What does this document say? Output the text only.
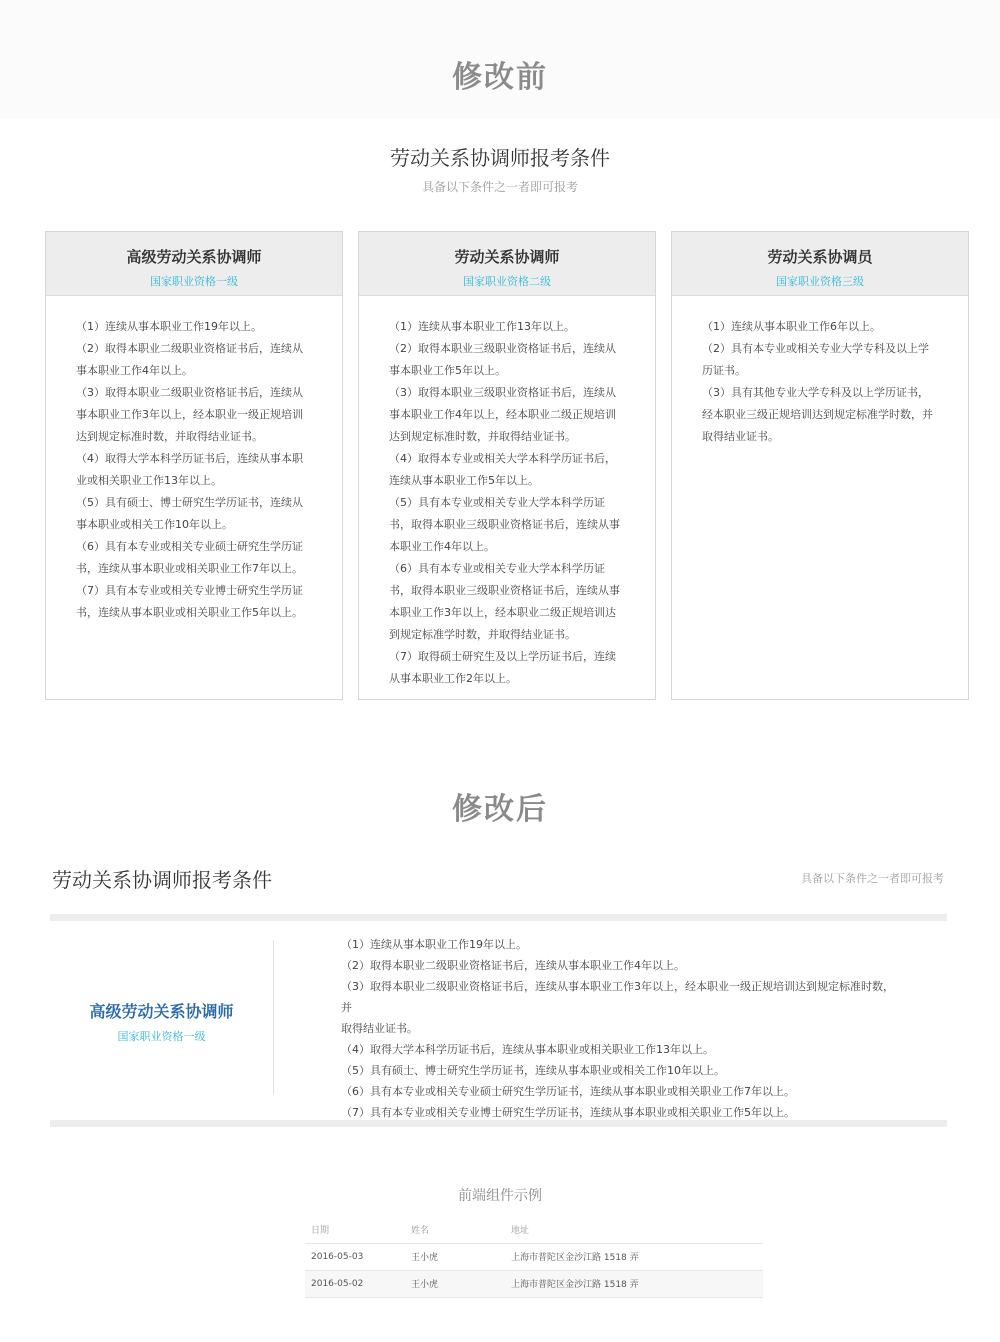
修改前
劳动关系协调师报考条件
具备以下条件之一者即可报考
高级劳动关系协调师
国家职业资格一级

（1）连续从事本职业工作19年以上。

（2）取得本职业二级职业资格证书后，连续从

事本职业工作4年以上。

（3）取得本职业二级职业资格证书后，连续从

事本职业工作3年以上，经本职业一级正规培训

达到规定标准时数，并取得结业证书。

（4）取得大学本科学历证书后，连续从事本职

业或相关职业工作13年以上。

（5）具有硕士、博士研究生学历证书，连续从

事本职业或相关工作10年以上。

（6）具有本专业或相关专业硕士研究生学历证

书，连续从事本职业或相关职业工作7年以上。

（7）具有本专业或相关专业博士研究生学历证

书，连续从事本职业或相关职业工作5年以上。

劳动关系协调师
国家职业资格二级

（1）连续从事本职业工作13年以上。

（2）取得本职业三级职业资格证书后，连续从

事本职业工作5年以上。

（3）取得本职业三级职业资格证书后，连续从

事本职业工作4年以上，经本职业二级正规培训

达到规定标准时数，并取得结业证书。

（4）取得本专业或相关大学本科学历证书后，

连续从事本职业工作5年以上。

（5）具有本专业或相关专业大学本科学历证

书，取得本职业三级职业资格证书后，连续从事

本职业工作4年以上。

（6）具有本专业或相关专业大学本科学历证

书，取得本职业三级职业资格证书后，连续从事

本职业工作3年以上，经本职业二级正规培训达

到规定标准学时数，并取得结业证书。

（7）取得硕士研究生及以上学历证书后，连续

从事本职业工作2年以上。

劳动关系协调员
国家职业资格三级

（1）连续从事本职业工作6年以上。

（2）具有本专业或相关专业大学专科及以上学

历证书。

（3）具有其他专业大学专科及以上学历证书，

经本职业三级正规培训达到规定标准学时数，并

取得结业证书。

修改后
劳动关系协调师报考条件	具备以下条件之一者即可报考
高级劳动关系协调师
国家职业资格一级

（1）连续从事本职业工作19年以上。

（2）取得本职业二级职业资格证书后，连续从事本职业工作4年以上。

（3）取得本职业二级职业资格证书后，连续从事本职业工作3年以上，经本职业一级正规培训达到规定标准时数，并

取得结业证书。

（4）取得大学本科学历证书后，连续从事本职业或相关职业工作13年以上。

（5）具有硕士、博士研究生学历证书，连续从事本职业或相关工作10年以上。

（6）具有本专业或相关专业硕士研究生学历证书，连续从事本职业或相关职业工作7年以上。

（7）具有本专业或相关专业博士研究生学历证书，连续从事本职业或相关职业工作5年以上。

前端组件示例
日期	姓名	地址
2016-05-03	王小虎	上海市普陀区金沙江路 1518 弄
2016-05-02	王小虎	上海市普陀区金沙江路 1518 弄
